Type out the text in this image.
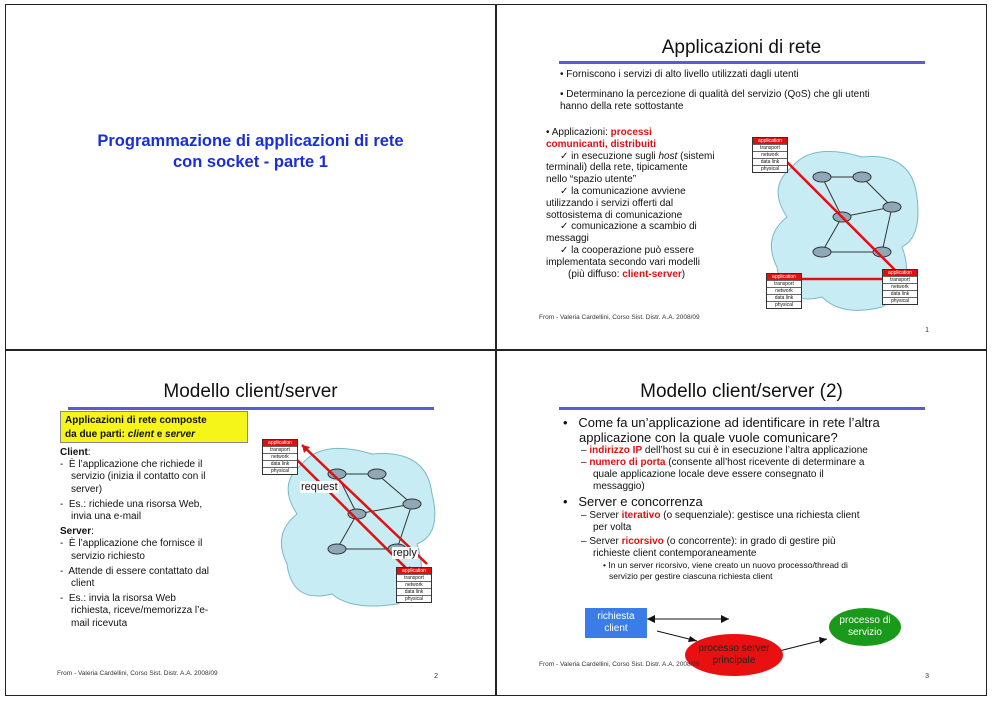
Programmazione di applicazioni di rete
con socket - parte 1
Applicazioni di rete
• Forniscono i servizi di alto livello utilizzati dagli utenti
• Determinano la percezione di qualità del servizio (QoS) che gli utenti
hanno della rete sottostante
• Applicazioni: processi
comunicanti, distribuiti
✓ in esecuzione sugli host (sistemi
terminali) della rete, tipicamente
nello “spazio utente”
✓ la comunicazione avviene
utilizzando i servizi offerti dal
sottosistema di comunicazione
✓ comunicazione a scambio di
messaggi
✓ la cooperazione può essere
implementata secondo vari modelli
(più diffuso: client-server)
application
transport
network
data link
physical
application
transport
network
data link
physical
application
transport
network
data link
physical
From - Valeria Cardellini, Corso Sist. Distr. A.A. 2008/09
1
Modello client/server
Applicazioni di rete composte
da due parti: client e server
Client:
-  È l’applicazione che richiede il
servizio (inizia il contatto con il
server)
-  Es.: richiede una risorsa Web,
invia una e-mail
Server:
-  È l’applicazione che fornisce il
servizio richiesto
-  Attende di essere contattato dal
client
-  Es.: invia la risorsa Web
richiesta, riceve/memorizza l’e-
mail ricevuta
application
transport
network
data link
physical
application
transport
network
data link
physical
request
reply
From - Valeria Cardellini, Corso Sist. Distr. A.A. 2008/09	2
Modello client/server (2)
•   Come fa un’applicazione ad identificare in rete l’altra
applicazione con la quale vuole comunicare?
– indirizzo IP dell’host su cui è in esecuzione l’altra applicazione
– numero di porta (consente all’host ricevente di determinare a
quale applicazione locale deve essere consegnato il
messaggio)
•   Server e concorrenza
– Server iterativo (o sequenziale): gestisce una richiesta client
per volta
– Server ricorsivo (o concorrente): in grado di gestire più
richieste client contemporaneamente
• In un server ricorsivo, viene creato un nuovo processo/thread di
servizio per gestire ciascuna richiesta client
richiesta
client
processo server
principale
processo di
servizio
From - Valeria Cardellini, Corso Sist. Distr. A.A. 2008/09
3
